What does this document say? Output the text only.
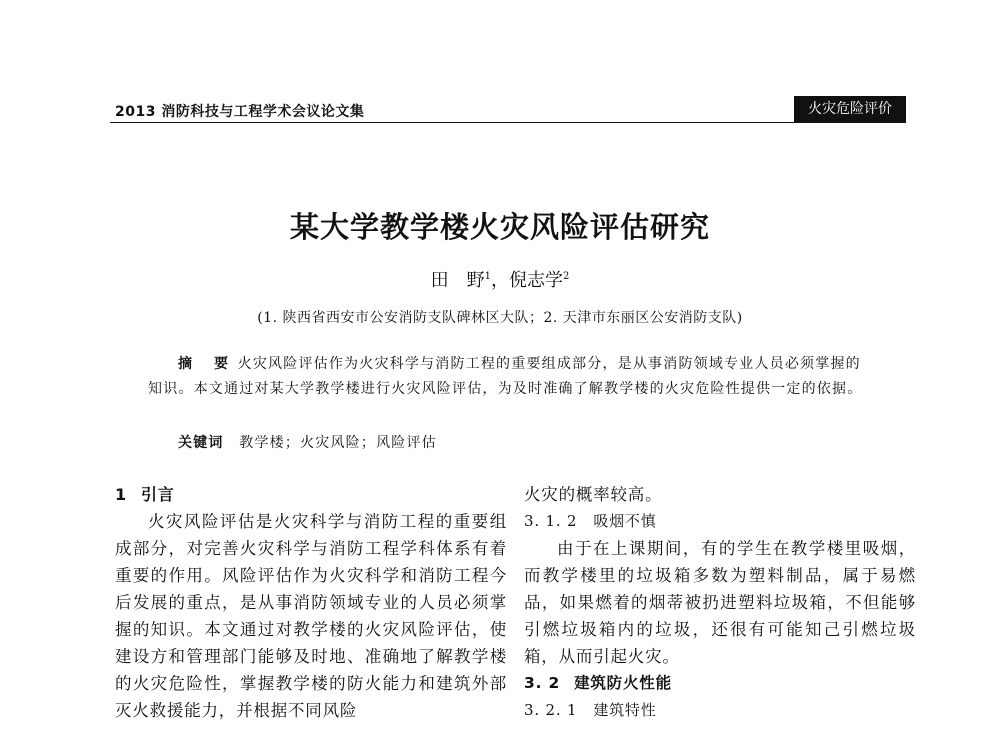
2013 消防科技与工程学术会议论文集	火灾危险评价
某大学教学楼火灾风险评估研究
田　野$^1$，倪志学$^2$
(1. 陕西省西安市公安消防支队碑林区大队；2. 天津市东丽区公安消防支队)

摘　要 火灾风险评估作为火灾科学与消防工程的重要组成部分，是从事消防领域专业人员必须掌握的知识。本文通过对某大学教学楼进行火灾风险评估，为及时准确了解教学楼的火灾危险性提供一定的依据。

关键词 教学楼；火灾风险；风险评估
1 引言

火灾风险评估是火灾科学与消防工程的重要组成部分，对完善火灾科学与消防工程学科体系有着重要的作用。风险评估作为火灾科学和消防工程今后发展的重点，是从事消防领域专业的人员必须掌握的知识。本文通过对教学楼的火灾风险评估，使建设方和管理部门能够及时地、准确地了解教学楼的火灾危险性，掌握教学楼的防火能力和建筑外部灭火救援能力，并根据不同风险

火灾的概率较高。

3. 1. 2 吸烟不慎

由于在上课期间，有的学生在教学楼里吸烟，而教学楼里的垃圾箱多数为塑料制品，属于易燃品，如果燃着的烟蒂被扔进塑料垃圾箱，不但能够引燃垃圾箱内的垃圾，还很有可能知己引燃垃圾箱，从而引起火灾。

3. 2 建筑防火性能

3. 2. 1 建筑特性
